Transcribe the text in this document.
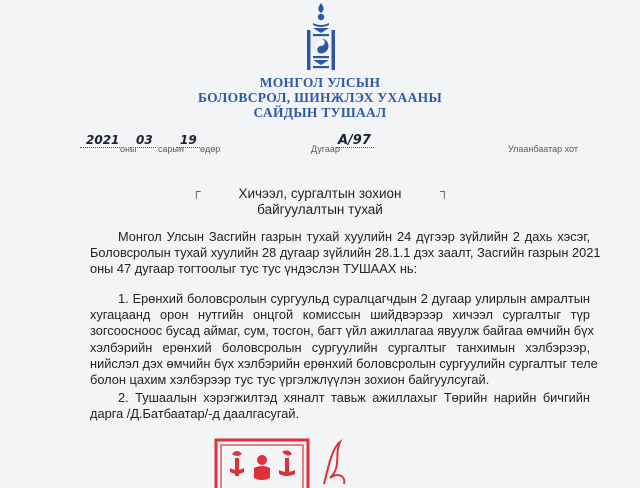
МОНГОЛ УЛСЫН
БОЛОВСРОЛ, ШИНЖЛЭХ УХААНЫ
САЙДЫН ТУШААЛ
2021
оны
03
сарын
19
өдөр	Дугаар
А/97
Улаанбаатар хот
┌	┐
Хичээл, сургалтын зохион
байгуулалтын тухай
Монгол Улсын Засгийн газрын тухай хуулийн 24 дүгээр зүйлийн 2 дахь хэсэг,
Боловсролын тухай хуулийн 28 дугаар зүйлийн 28.1.1 дэх заалт, Засгийн газрын 2021
оны 47 дугаар тогтоолыг тус тус үндэслэн ТУШААХ нь:
1. Ерөнхий боловсролын сургуульд суралцагчдын 2 дугаар улирлын амралтын
хугацаанд орон нутгийн онцгой комиссын шийдвэрээр хичээл сургалтыг түр
зогсоосноос бусад аймаг, сум, тосгон, багт үйл ажиллагаа явуулж байгаа өмчийн бүх
хэлбэрийн ерөнхий боловсролын сургуулийн сургалтыг танхимын хэлбэрээр,
нийслэл дэх өмчийн бүх хэлбэрийн ерөнхий боловсролын сургуулийн сургалтыг теле
болон цахим хэлбэрээр тус тус үргэлжлүүлэн зохион байгуулсугай.
2. Тушаалын хэрэгжилтэд хяналт тавьж ажиллахыг Төрийн нарийн бичгийн
дарга /Д.Батбаатар/-д даалгасугай.
